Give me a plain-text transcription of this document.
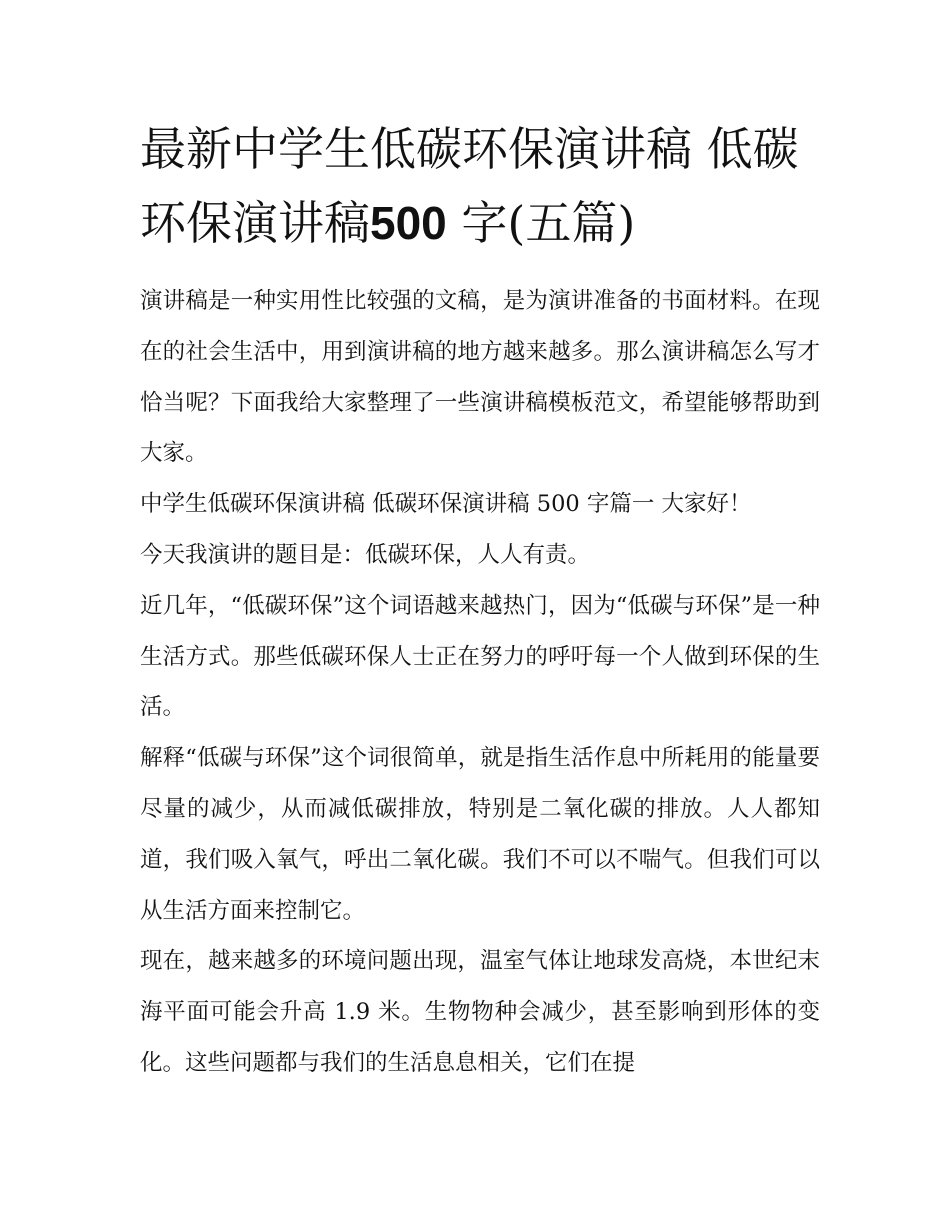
最新中学生低碳环保演讲稿 低碳环保演讲稿500 字(五篇)

演讲稿是一种实用性比较强的文稿，是为演讲准备的书面材料。在现在的社会生活中，用到演讲稿的地方越来越多。那么演讲稿怎么写才恰当呢？下面我给大家整理了一些演讲稿模板范文，希望能够帮助到大家。

中学生低碳环保演讲稿 低碳环保演讲稿 500 字篇一 大家好！

今天我演讲的题目是：低碳环保，人人有责。

近几年，“低碳环保”这个词语越来越热门，因为“低碳与环保”是一种生活方式。那些低碳环保人士正在努力的呼吁每一个人做到环保的生活。

解释“低碳与环保”这个词很简单，就是指生活作息中所耗用的能量要尽量的减少，从而减低碳排放，特别是二氧化碳的排放。人人都知道，我们吸入氧气，呼出二氧化碳。我们不可以不喘气。但我们可以从生活方面来控制它。

现在，越来越多的环境问题出现，温室气体让地球发高烧，本世纪末海平面可能会升高 1.9 米。生物物种会减少，甚至影响到形体的变化。这些问题都与我们的生活息息相关，它们在提
